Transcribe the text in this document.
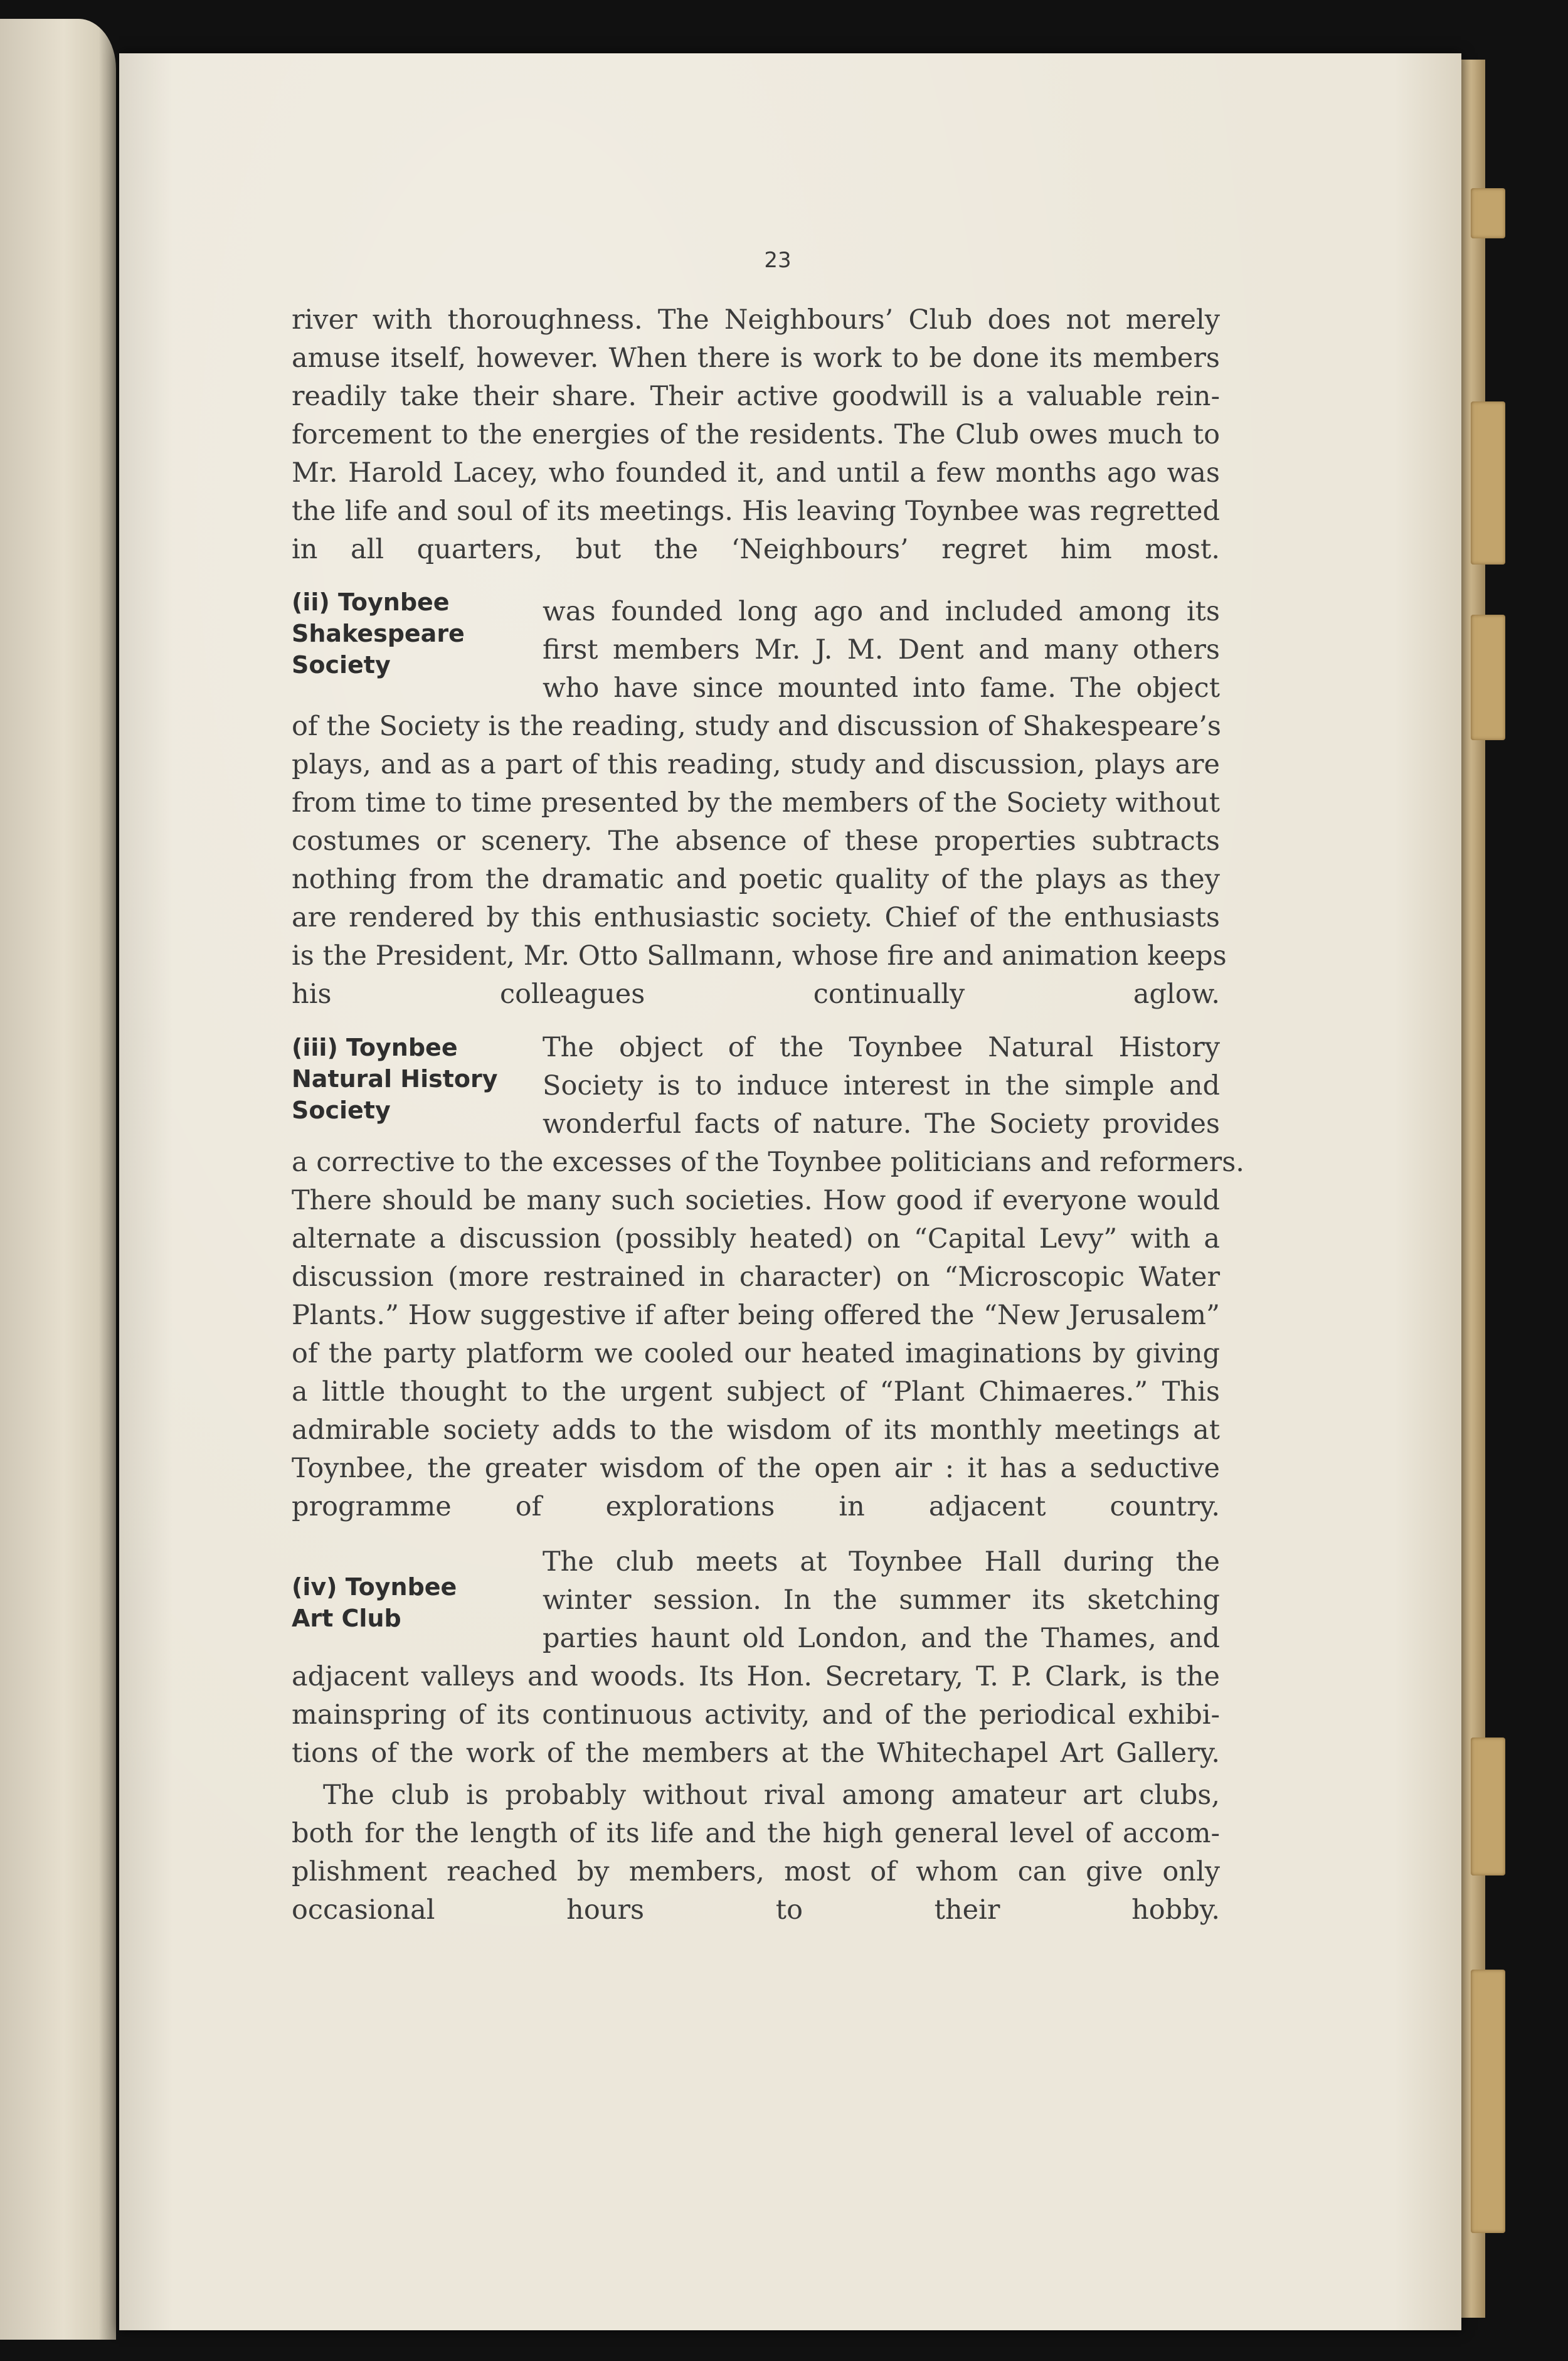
23
river with thoroughness. The Neighbours’ Club does not merely
amuse itself, however. When there is work to be done its members
readily take their share. Their active goodwill is a valuable rein-
forcement to the energies of the residents. The Club owes much to
Mr. Harold Lacey, who founded it, and until a few months ago was
the life and soul of its meetings. His leaving Toynbee was regretted
in all quarters, but the ‘Neighbours’ regret him most.
(ii) Toynbee
Shakespeare
Society
was founded long ago and included among its
first members Mr. J. M. Dent and many others
who have since mounted into fame. The object
of the Society is the reading, study and discussion of Shakespeare’s
plays, and as a part of this reading, study and discussion, plays are
from time to time presented by the members of the Society without
costumes or scenery. The absence of these properties subtracts
nothing from the dramatic and poetic quality of the plays as they
are rendered by this enthusiastic society. Chief of the enthusiasts
is the President, Mr. Otto Sallmann, whose fire and animation keeps
his colleagues continually aglow.
(iii) Toynbee
Natural History
Society
The object of the Toynbee Natural History
Society is to induce interest in the simple and
wonderful facts of nature. The Society provides
a corrective to the excesses of the Toynbee politicians and reformers.
There should be many such societies. How good if everyone would
alternate a discussion (possibly heated) on “Capital Levy” with a
discussion (more restrained in character) on “Microscopic Water
Plants.” How suggestive if after being offered the “New Jerusalem”
of the party platform we cooled our heated imaginations by giving
a little thought to the urgent subject of “Plant Chimaeres.” This
admirable society adds to the wisdom of its monthly meetings at
Toynbee, the greater wisdom of the open air : it has a seductive
programme of explorations in adjacent country.
(iv) Toynbee
Art Club
The club meets at Toynbee Hall during the
winter session. In the summer its sketching
parties haunt old London, and the Thames, and
adjacent valleys and woods. Its Hon. Secretary, T. P. Clark, is the
mainspring of its continuous activity, and of the periodical exhibi-
tions of the work of the members at the Whitechapel Art Gallery.
The club is probably without rival among amateur art clubs,
both for the length of its life and the high general level of accom-
plishment reached by members, most of whom can give only
occasional hours to their hobby.
